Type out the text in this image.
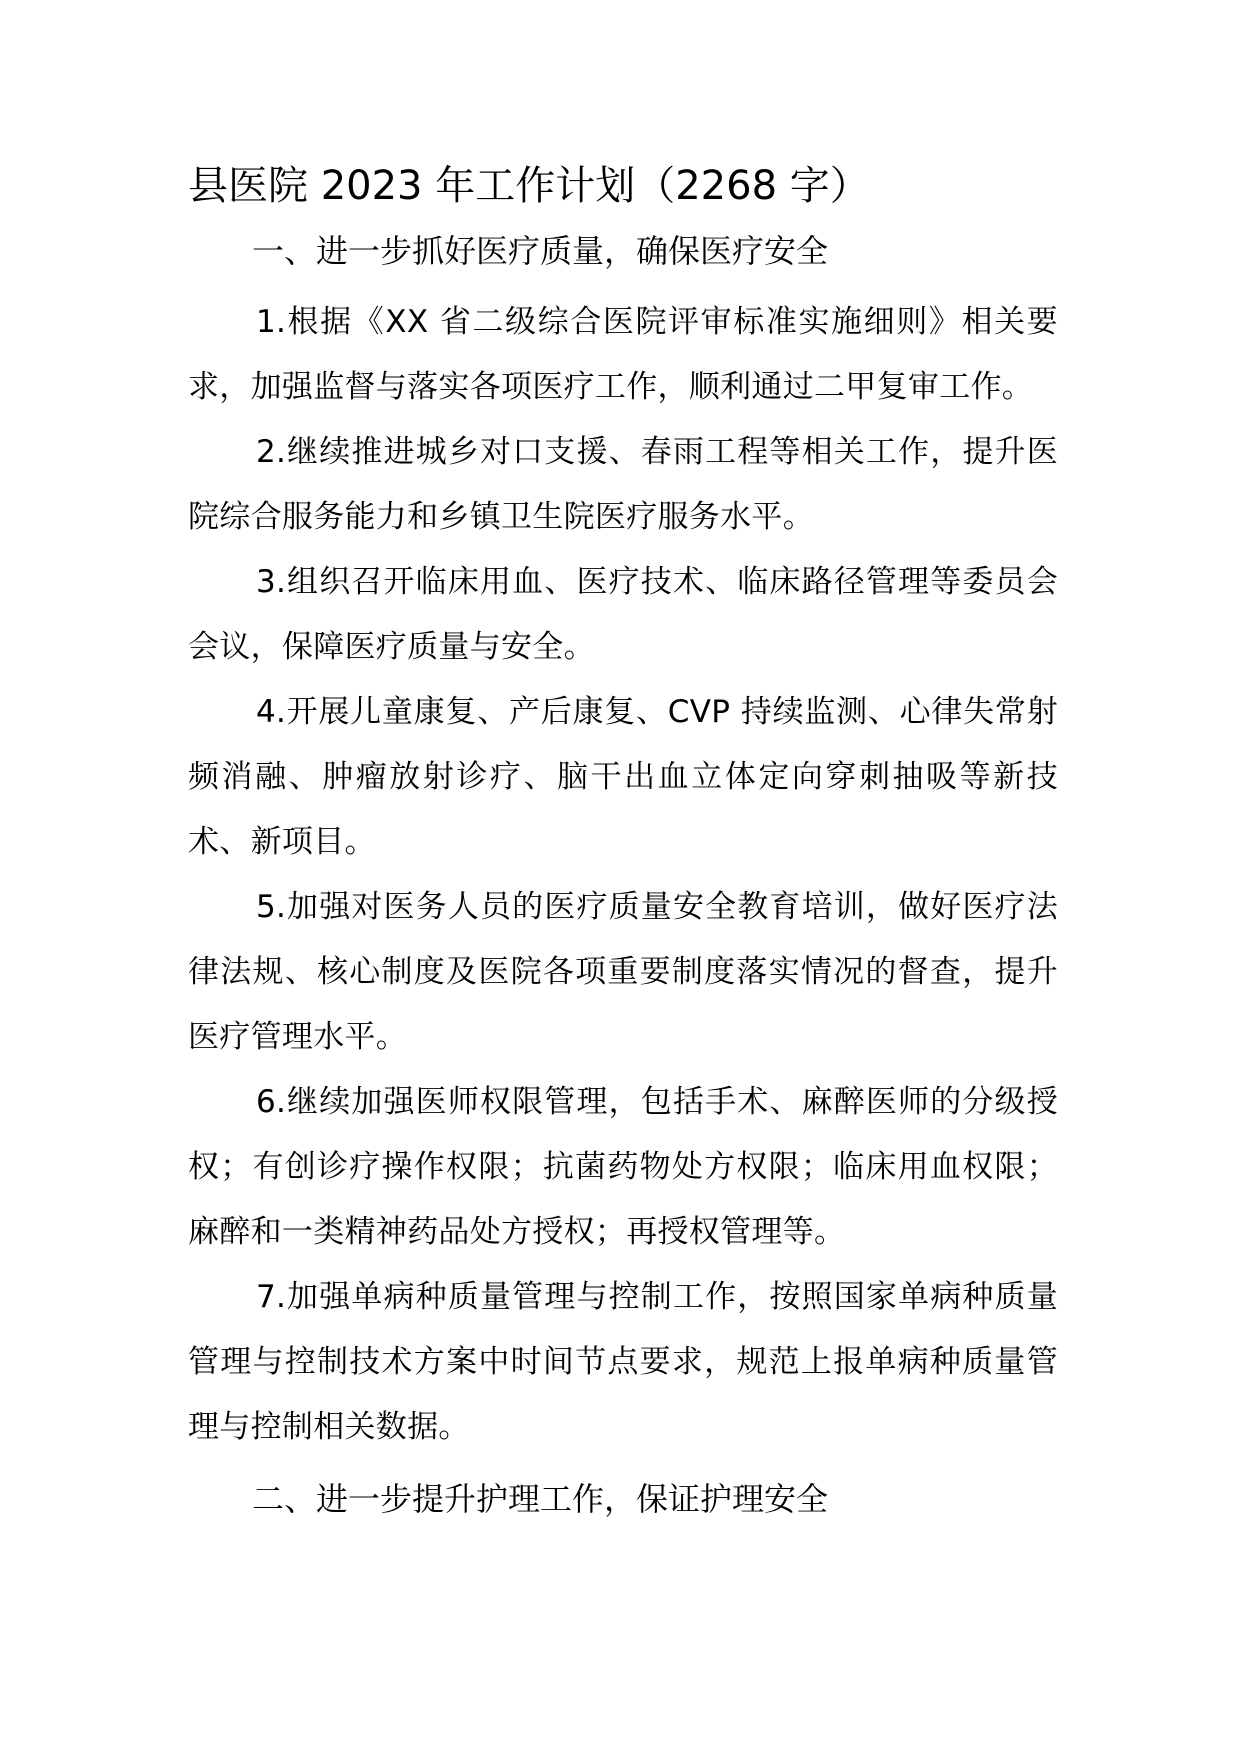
县医院 2023 年工作计划（2268 字）
一、进一步抓好医疗质量，确保医疗安全

1.根据《XX 省二级综合医院评审标准实施细则》相关要求，加强监督与落实各项医疗工作，顺利通过二甲复审工作。

2.继续推进城乡对口支援、春雨工程等相关工作，提升医院综合服务能力和乡镇卫生院医疗服务水平。

3.组织召开临床用血、医疗技术、临床路径管理等委员会会议，保障医疗质量与安全。

4.开展儿童康复、产后康复、CVP 持续监测、心律失常射频消融、肿瘤放射诊疗、脑干出血立体定向穿刺抽吸等新技术、新项目。

5.加强对医务人员的医疗质量安全教育培训，做好医疗法律法规、核心制度及医院各项重要制度落实情况的督查，提升医疗管理水平。

6.继续加强医师权限管理，包括手术、麻醉医师的分级授权；有创诊疗操作权限；抗菌药物处方权限；临床用血权限；麻醉和一类精神药品处方授权；再授权管理等。

7.加强单病种质量管理与控制工作，按照国家单病种质量管理与控制技术方案中时间节点要求，规范上报单病种质量管理与控制相关数据。

二、进一步提升护理工作，保证护理安全
